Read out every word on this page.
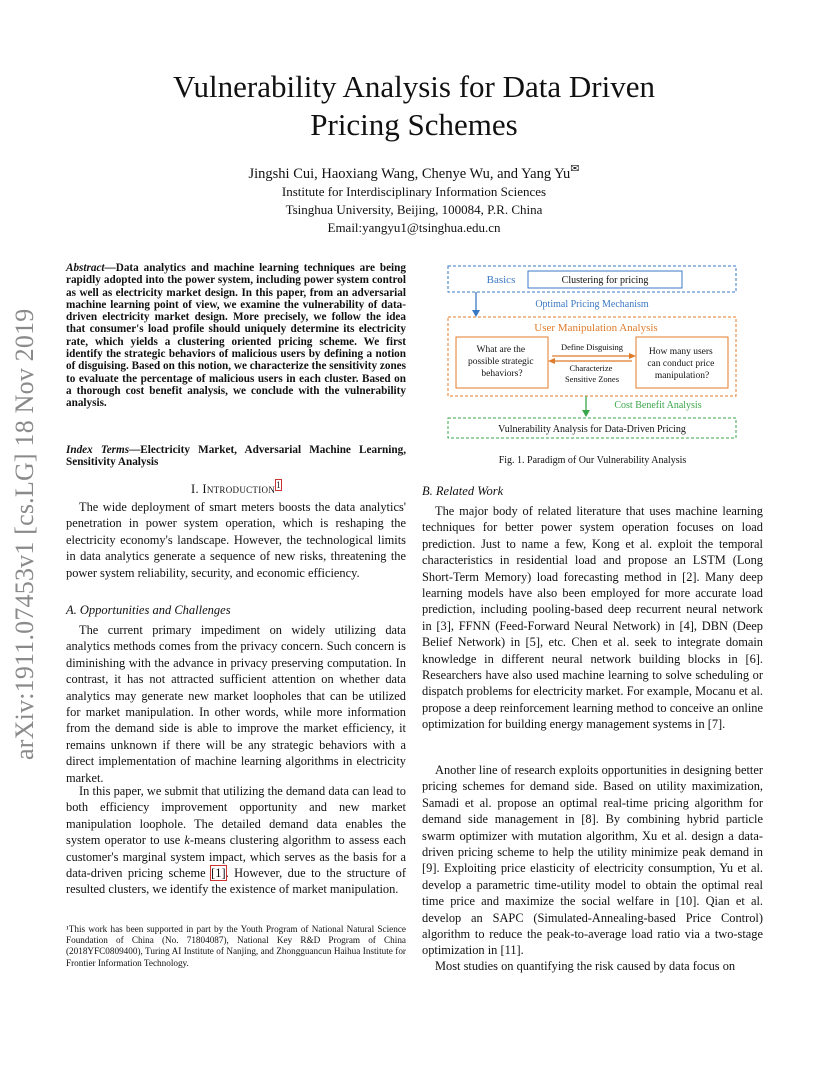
Vulnerability Analysis for Data Driven
Pricing Schemes
Jingshi Cui, Haoxiang Wang, Chenye Wu, and Yang Yu✉
Institute for Interdisciplinary Information Sciences
Tsinghua University, Beijing, 100084, P.R. China
Email:yangyu1@tsinghua.edu.cn
arXiv:1911.07453v1 [cs.LG] 18 Nov 2019
Abstract—Data analytics and machine learning techniques are being rapidly adopted into the power system, including power system control as well as electricity market design. In this paper, from an adversarial machine learning point of view, we examine the vulnerability of data-driven electricity market design. More precisely, we follow the idea that consumer's load profile should uniquely determine its electricity rate, which yields a clustering oriented pricing scheme. We first identify the strategic behaviors of malicious users by defining a notion of disguising. Based on this notion, we characterize the sensitivity zones to evaluate the percentage of malicious users in each cluster. Based on a thorough cost benefit analysis, we conclude with the vulnerability analysis.
Index Terms—Electricity Market, Adversarial Machine Learning, Sensitivity Analysis
I. Introduction$^1$
The wide deployment of smart meters boosts the data analytics' penetration in power system operation, which is reshaping the electricity economy's landscape. However, the technological limits in data analytics generate a sequence of new risks, threatening the power system reliability, security, and economic efficiency.
A. Opportunities and Challenges
The current primary impediment on widely utilizing data analytics methods comes from the privacy concern. Such concern is diminishing with the advance in privacy preserving computation. In contrast, it has not attracted sufficient attention on whether data analytics may generate new market loopholes that can be utilized for market manipulation. In other words, while more information from the demand side is able to improve the market efficiency, it remains unknown if there will be any strategic behaviors with a direct implementation of machine learning algorithms in electricity market.
In this paper, we submit that utilizing the demand data can lead to both efficiency improvement opportunity and new market manipulation loophole. The detailed demand data enables the system operator to use k-means clustering algorithm to assess each customer's marginal system impact, which serves as the basis for a data-driven pricing scheme [1]. However, due to the structure of resulted clusters, we identify the existence of market manipulation.
¹This work has been supported in part by the Youth Program of National Natural Science Foundation of China (No. 71804087), National Key R&D Program of China (2018YFC0809400), Turing AI Institute of Nanjing, and Zhongguancun Haihua Institute for Frontier Information Technology.
Basics	Clustering for pricing
Optimal Pricing Mechanism
User Manipulation Analysis
What are the possible strategic behaviors?
How many users can conduct price manipulation?
Define Disguising
Characterize Sensitive Zones
Cost Benefit Analysis
Vulnerability Analysis for Data-Driven Pricing
Fig. 1. Paradigm of Our Vulnerability Analysis
B. Related Work
The major body of related literature that uses machine learning techniques for better power system operation focuses on load prediction. Just to name a few, Kong et al. exploit the temporal characteristics in residential load and propose an LSTM (Long Short-Term Memory) load forecasting method in [2]. Many deep learning models have also been employed for more accurate load prediction, including pooling-based deep recurrent neural network in [3], FFNN (Feed-Forward Neural Network) in [4], DBN (Deep Belief Network) in [5], etc. Chen et al. seek to integrate domain knowledge in different neural network building blocks in [6]. Researchers have also used machine learning to solve scheduling or dispatch problems for electricity market. For example, Mocanu et al. propose a deep reinforcement learning method to conceive an online optimization for building energy management systems in [7].
Another line of research exploits opportunities in designing better pricing schemes for demand side. Based on utility maximization, Samadi et al. propose an optimal real-time pricing algorithm for demand side management in [8]. By combining hybrid particle swarm optimizer with mutation algorithm, Xu et al. design a data-driven pricing scheme to help the utility minimize peak demand in [9]. Exploiting price elasticity of electricity consumption, Yu et al. develop a parametric time-utility model to obtain the optimal real time price and maximize the social welfare in [10]. Qian et al. develop an SAPC (Simulated-Annealing-based Price Control) algorithm to reduce the peak-to-average load ratio via a two-stage optimization in [11].
Most studies on quantifying the risk caused by data focus on
